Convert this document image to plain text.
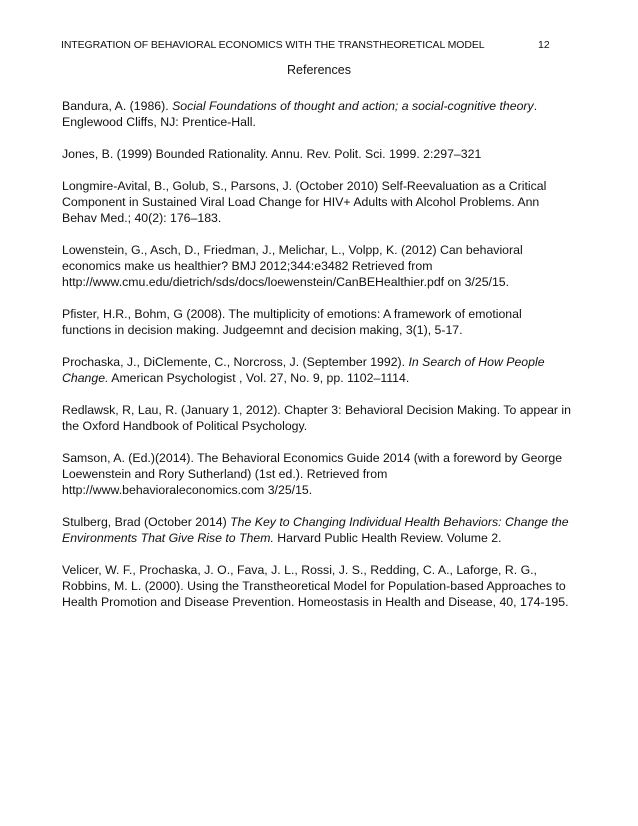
INTEGRATION OF BEHAVIORAL ECONOMICS WITH THE TRANSTHEORETICAL MODEL	12
References

Bandura, A. (1986). Social Foundations of thought and action; a social-cognitive theory. Englewood Cliffs, NJ: Prentice-Hall.

Jones, B. (1999) Bounded Rationality. Annu. Rev. Polit. Sci. 1999. 2:297–321

Longmire-Avital, B., Golub, S., Parsons, J. (October 2010) Self-Reevaluation as a Critical Component in Sustained Viral Load Change for HIV+ Adults with Alcohol Problems. Ann Behav Med.; 40(2): 176–183.

Lowenstein, G., Asch, D., Friedman, J., Melichar, L., Volpp, K. (2012) Can behavioral economics make us healthier? BMJ 2012;344:e3482 Retrieved from http://www.cmu.edu/dietrich/sds/docs/loewenstein/CanBEHealthier.pdf on 3/25/15.

Pfister, H.R., Bohm, G (2008). The multiplicity of emotions: A framework of emotional functions in decision making. Judgeemnt and decision making, 3(1), 5-17.

Prochaska, J., DiClemente, C., Norcross, J. (September 1992). In Search of How People Change. American Psychologist , Vol. 27, No. 9, pp. 1102–1114.

Redlawsk, R, Lau, R. (January 1, 2012). Chapter 3: Behavioral Decision Making. To appear in the Oxford Handbook of Political Psychology.

Samson, A. (Ed.)(2014). The Behavioral Economics Guide 2014 (with a foreword by George Loewenstein and Rory Sutherland) (1st ed.). Retrieved from http://www.behavioraleconomics.com 3/25/15.

Stulberg, Brad (October 2014) The Key to Changing Individual Health Behaviors: Change the Environments That Give Rise to Them. Harvard Public Health Review. Volume 2.

Velicer, W. F., Prochaska, J. O., Fava, J. L., Rossi, J. S., Redding, C. A., Laforge, R. G., Robbins, M. L. (2000). Using the Transtheoretical Model for Population-based Approaches to Health Promotion and Disease Prevention. Homeostasis in Health and Disease, 40, 174-195.
